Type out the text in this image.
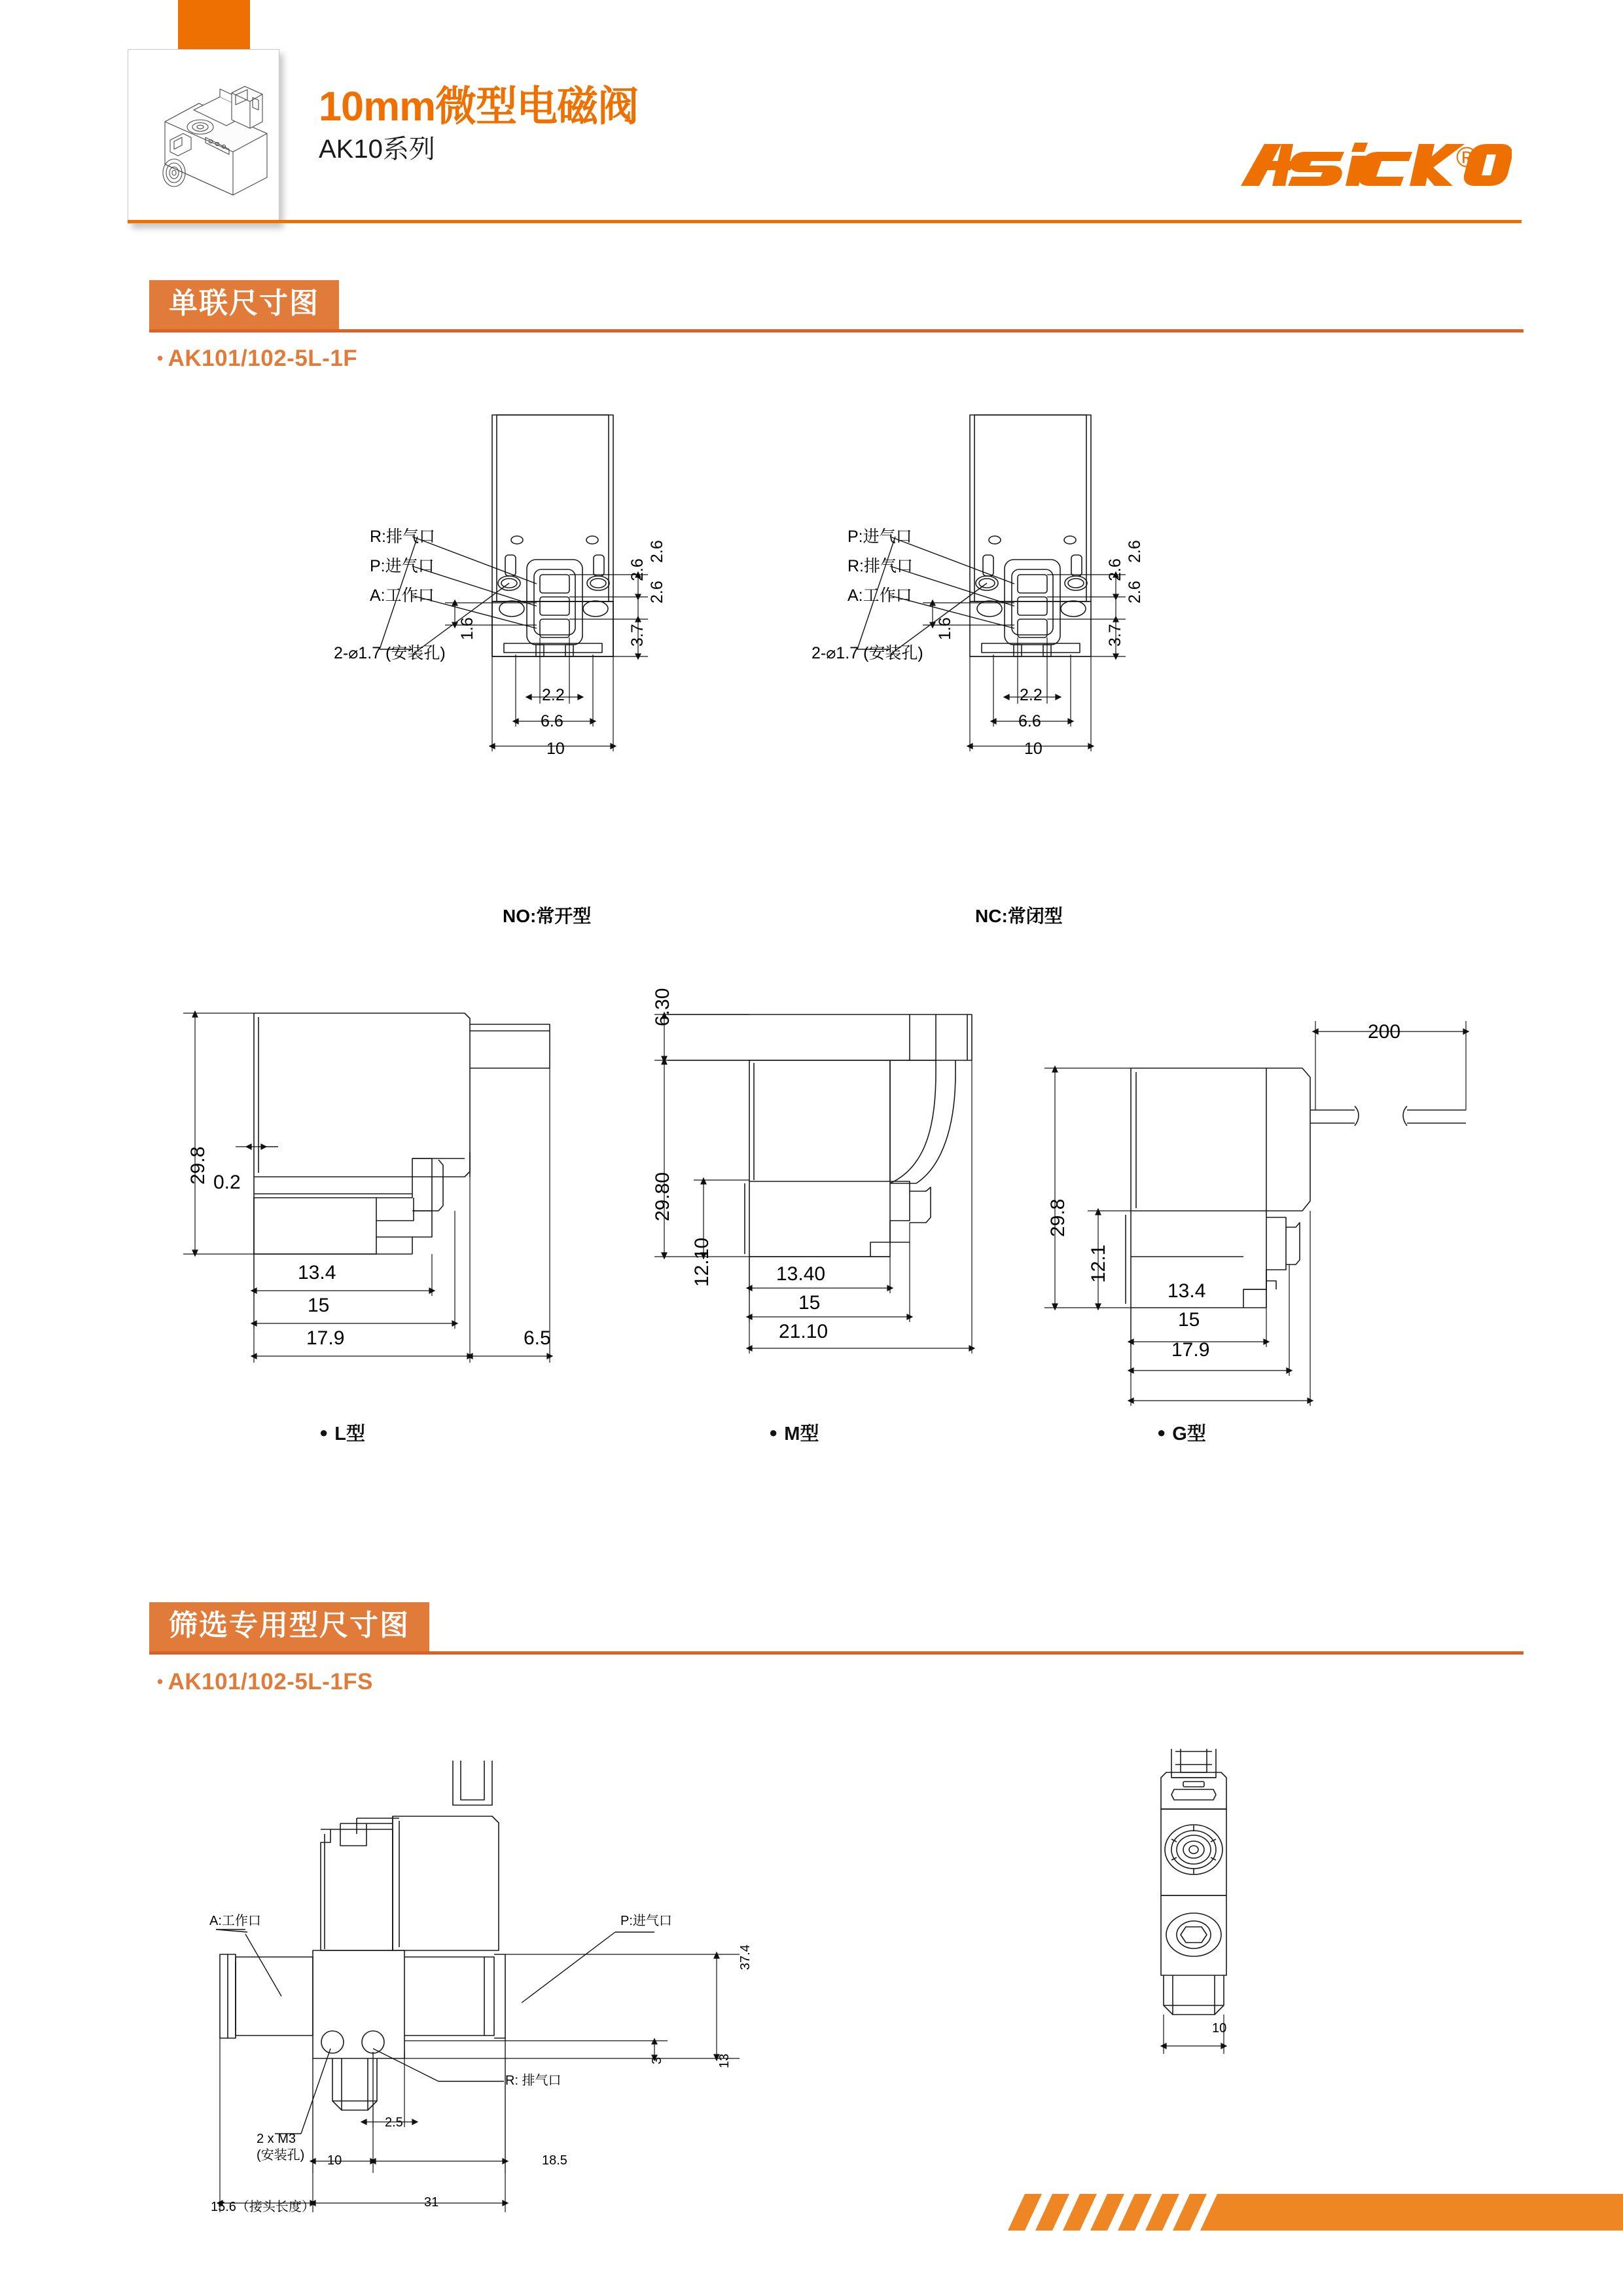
10mm微型电磁阀
AK10系列	®
单联尺寸图
• AK101/102-5L-1F
R:排气口
P:进气口
A:工作口
2-⌀1.7 (安装孔)
2.6
2.6
2.6
3.7
1.6
2.2
6.6
10
NO:常开型
P:进气口
R:排气口
A:工作口
2-⌀1.7 (安装孔)
2.6
2.6
2.6
3.7
1.6
2.2
6.6
10
NC:常闭型
29.8 0.2
13.4
15
17.9	6.5
● L型
6.30
29.80
12.10	13.40
15
21.10
● M型
200
29.8
12.1
13.4
15
17.9
● G型
筛选专用型尺寸图
• AK101/102-5L-1FS
A:工作口	P:进气口
R: 排气口
2 x M3
(安装孔)
15.6（接头长度）
10	18.5
31
2.5
3	13
37.4
10
